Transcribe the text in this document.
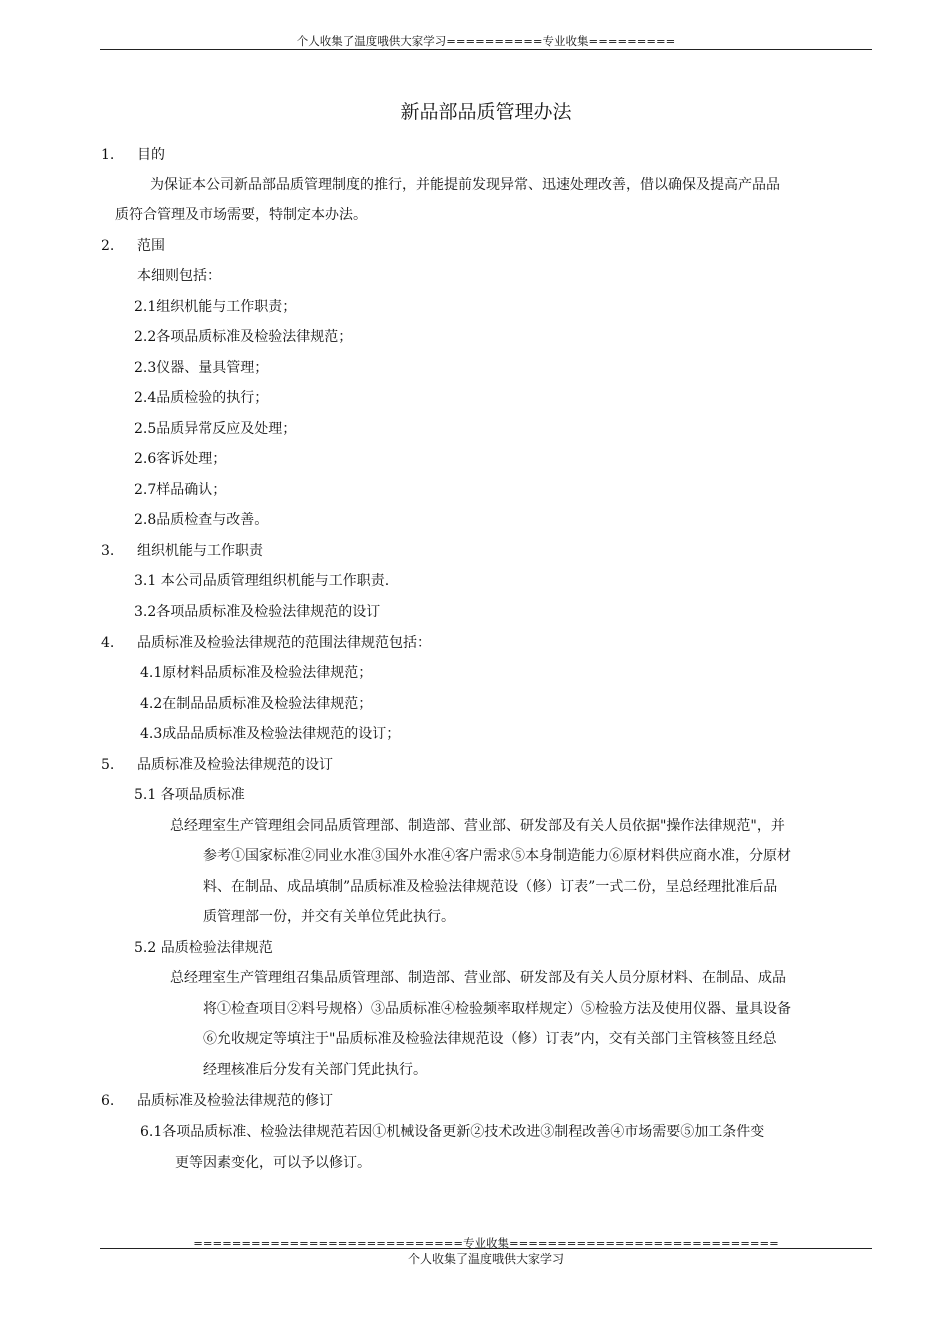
个人收集了温度哦供大家学习==========专业收集=========
新品部品质管理办法
1. 目的
为保证本公司新品部品质管理制度的推行，并能提前发现异常、迅速处理改善，借以确保及提高产品品
质符合管理及市场需要，特制定本办法。
2. 范围
本细则包括：
2.1组织机能与工作职责；
2.2各项品质标准及检验法律规范；
2.3仪器、量具管理；
2.4品质检验的执行；
2.5品质异常反应及处理；
2.6客诉处理；
2.7样品确认；
2.8品质检查与改善。
3. 组织机能与工作职责
3.1 本公司品质管理组织机能与工作职责.
3.2各项品质标准及检验法律规范的设订
4. 品质标准及检验法律规范的范围法律规范包括：
4.1原材料品质标准及检验法律规范；
4.2在制品品质标准及检验法律规范；
4.3成品品质标准及检验法律规范的设订；
5. 品质标准及检验法律规范的设订
5.1 各项品质标准
总经理室生产管理组会同品质管理部、制造部、营业部、研发部及有关人员依据"操作法律规范"，并
参考①国家标准②同业水准③国外水准④客户需求⑤本身制造能力⑥原材料供应商水准，分原材
料、在制品、成品填制”品质标准及检验法律规范设（修）订表”一式二份，呈总经理批准后品
质管理部一份，并交有关单位凭此执行。
5.2 品质检验法律规范
总经理室生产管理组召集品质管理部、制造部、营业部、研发部及有关人员分原材料、在制品、成品
将①检查项目②料号规格）③品质标准④检验频率取样规定）⑤检验方法及使用仪器、量具设备
⑥允收规定等填注于"品质标准及检验法律规范设（修）订表”内，交有关部门主管核签且经总
经理核准后分发有关部门凭此执行。
6. 品质标准及检验法律规范的修订
6.1各项品质标准、检验法律规范若因①机械设备更新②技术改进③制程改善④市场需要⑤加工条件变
更等因素变化，可以予以修订。
============================专业收集============================
个人收集了温度哦供大家学习
